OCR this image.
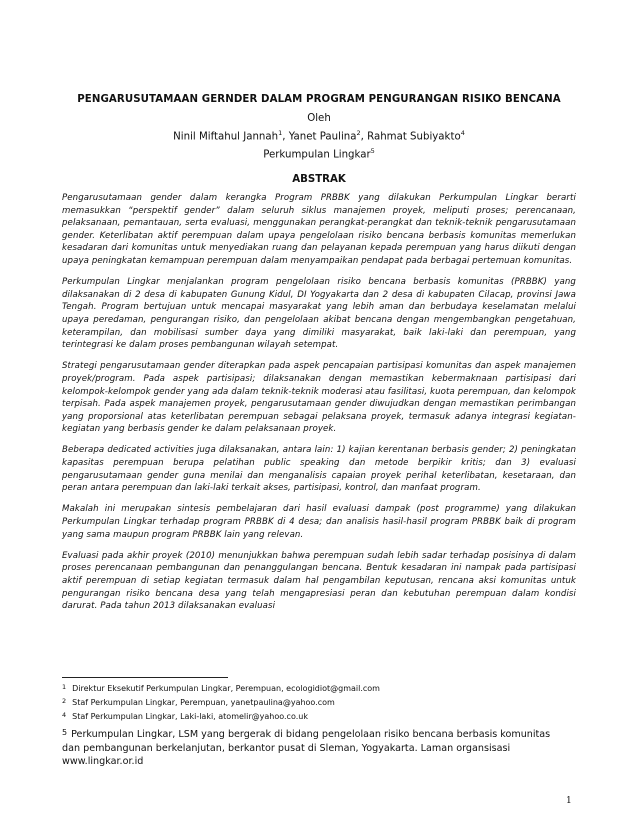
PENGARUSUTAMAAN GERNDER DALAM PROGRAM PENGURANGAN RISIKO BENCANA
Oleh
Ninil Miftahul Jannah$^1$, Yanet Paulina$^2$, Rahmat Subiyakto$^4$
Perkumpulan Lingkar$^5$
ABSTRAK

Pengarusutamaan gender dalam kerangka Program PRBBK yang dilakukan Perkumpulan Lingkar berarti memasukkan “perspektif gender” dalam seluruh siklus manajemen proyek, meliputi proses; perencanaan, pelaksanaan, pemantauan, serta evaluasi, menggunakan perangkat-perangkat dan teknik-teknik pengarusutamaan gender. Keterlibatan aktif perempuan dalam upaya pengelolaan risiko bencana berbasis komunitas memerlukan kesadaran dari komunitas untuk menyediakan ruang dan pelayanan kepada perempuan yang harus diikuti dengan upaya peningkatan kemampuan perempuan dalam menyampaikan pendapat pada berbagai pertemuan komunitas.

Perkumpulan Lingkar menjalankan program pengelolaan risiko bencana berbasis komunitas (PRBBK) yang dilaksanakan di 2 desa di kabupaten Gunung Kidul, DI Yogyakarta dan 2 desa di kabupaten Cilacap, provinsi Jawa Tengah. Program bertujuan untuk mencapai masyarakat yang lebih aman dan berbudaya keselamatan melalui upaya peredaman, pengurangan risiko, dan pengelolaan akibat bencana dengan mengembangkan pengetahuan, keterampilan, dan mobilisasi sumber daya yang dimiliki masyarakat, baik laki-laki dan perempuan, yang terintegrasi ke dalam proses pembangunan wilayah setempat.

Strategi pengarusutamaan gender diterapkan pada aspek pencapaian partisipasi komunitas dan aspek manajemen proyek/program. Pada aspek partisipasi; dilaksanakan dengan memastikan kebermaknaan partisipasi dari kelompok-kelompok gender yang ada dalam teknik-teknik moderasi atau fasilitasi, kuota perempuan, dan kelompok terpisah. Pada aspek manajemen proyek, pengarusutamaan gender diwujudkan dengan memastikan perimbangan yang proporsional atas keterlibatan perempuan sebagai pelaksana proyek, termasuk adanya integrasi kegiatan-kegiatan yang berbasis gender ke dalam pelaksanaan proyek.

Beberapa dedicated activities juga dilaksanakan, antara lain: 1) kajian kerentanan berbasis gender; 2) peningkatan kapasitas perempuan berupa pelatihan public speaking dan metode berpikir kritis; dan 3) evaluasi pengarusutamaan gender guna menilai dan menganalisis capaian proyek perihal keterlibatan, kesetaraan, dan peran antara perempuan dan laki-laki terkait akses, partisipasi, kontrol, dan manfaat program.

Makalah ini merupakan sintesis pembelajaran dari hasil evaluasi dampak (post programme) yang dilakukan Perkumpulan Lingkar terhadap program PRBBK di 4 desa; dan analisis hasil-hasil program PRBBK baik di program yang sama maupun program PRBBK lain yang relevan.

Evaluasi pada akhir proyek (2010) menunjukkan bahwa perempuan sudah lebih sadar terhadap posisinya di dalam proses perencanaan pembangunan dan penanggulangan bencana. Bentuk kesadaran ini nampak pada partisipasi aktif perempuan di setiap kegiatan termasuk dalam hal pengambilan keputusan, rencana aksi komunitas untuk pengurangan risiko bencana desa yang telah mengapresiasi peran dan kebutuhan perempuan dalam kondisi darurat. Pada tahun 2013 dilaksanakan evaluasi

$^1$ Direktur Eksekutif Perkumpulan Lingkar, Perempuan, ecologidiot@gmail.com
$^2$ Staf Perkumpulan Lingkar, Perempuan, yanetpaulina@yahoo.com
$^4$ Staf Perkumpulan Lingkar, Laki-laki, atomelir@yahoo.co.uk
$^5$ Perkumpulan Lingkar, LSM yang bergerak di bidang pengelolaan risiko bencana berbasis komunitas
dan pembangunan berkelanjutan, berkantor pusat di Sleman, Yogyakarta. Laman organsisasi
www.lingkar.or.id
1
